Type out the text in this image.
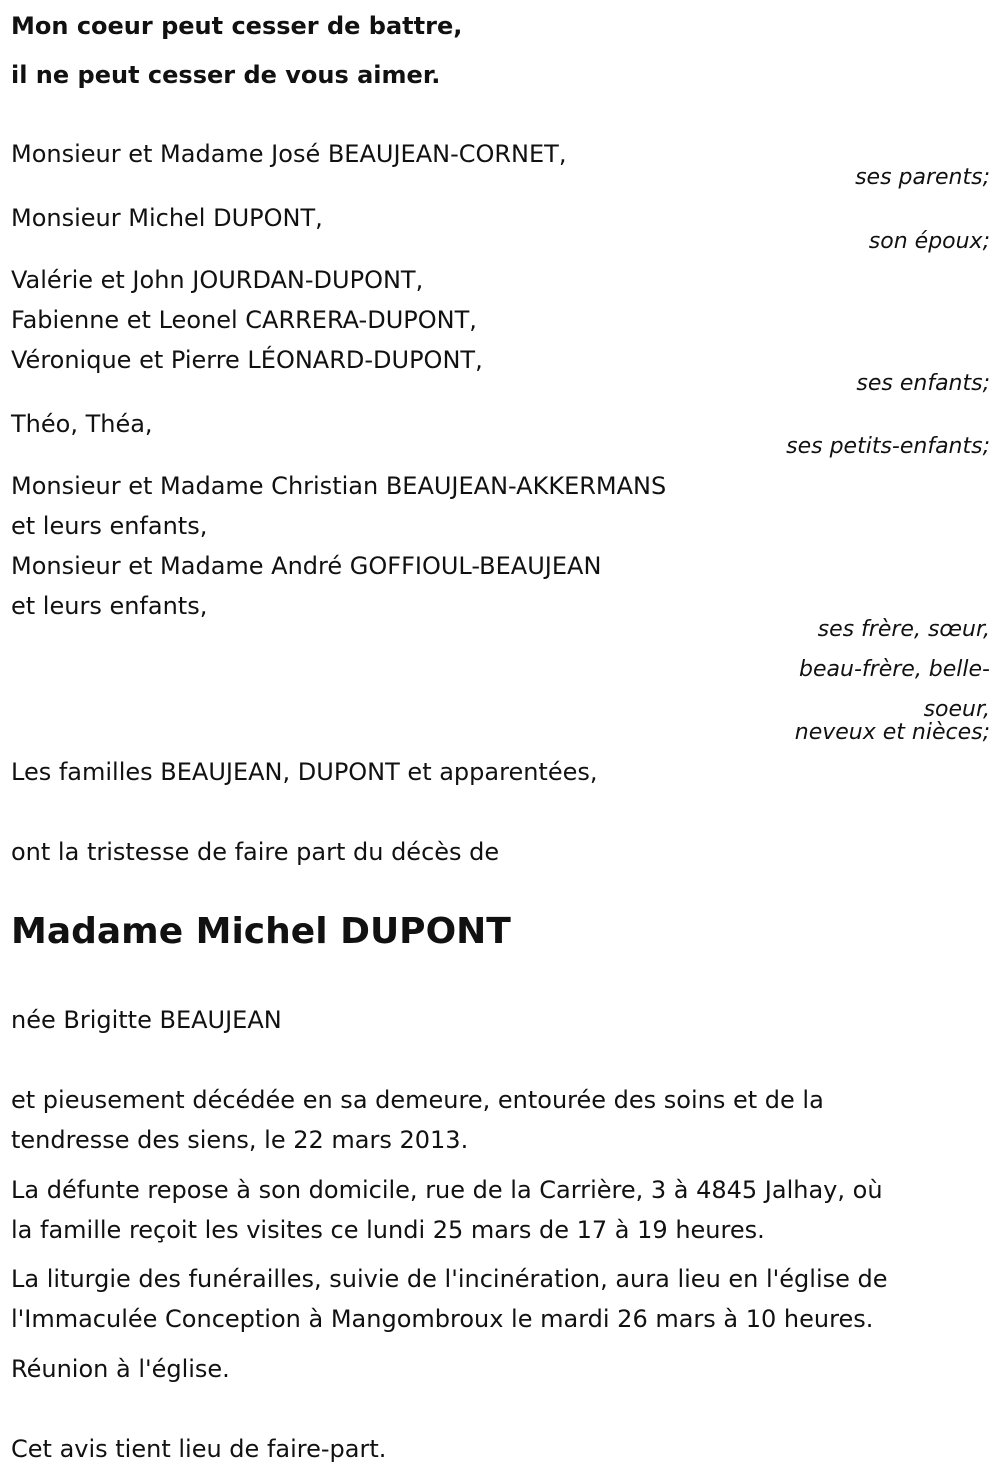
Mon coeur peut cesser de battre,
il ne peut cesser de vous aimer.
Monsieur et Madame José BEAUJEAN-CORNET,
ses parents;
Monsieur Michel DUPONT,
son époux;
Valérie et John JOURDAN-DUPONT,
Fabienne et Leonel CARRERA-DUPONT,
Véronique et Pierre LÉONARD-DUPONT,
ses enfants;
Théo, Théa,
ses petits-enfants;
Monsieur et Madame Christian BEAUJEAN-AKKERMANS
et leurs enfants,
Monsieur et Madame André GOFFIOUL-BEAUJEAN
et leurs enfants,
ses frère, sœur,
beau-frère, belle-
soeur,
neveux et nièces;
Les familles BEAUJEAN, DUPONT et apparentées,
ont la tristesse de faire part du décès de
Madame Michel DUPONT
née Brigitte BEAUJEAN
et pieusement décédée en sa demeure, entourée des soins et de la
tendresse des siens, le 22 mars 2013.
La défunte repose à son domicile, rue de la Carrière, 3 à 4845 Jalhay, où
la famille reçoit les visites ce lundi 25 mars de 17 à 19 heures.
La liturgie des funérailles, suivie de l'incinération, aura lieu en l'église de
l'Immaculée Conception à Mangombroux le mardi 26 mars à 10 heures.
Réunion à l'église.
Cet avis tient lieu de faire-part.
